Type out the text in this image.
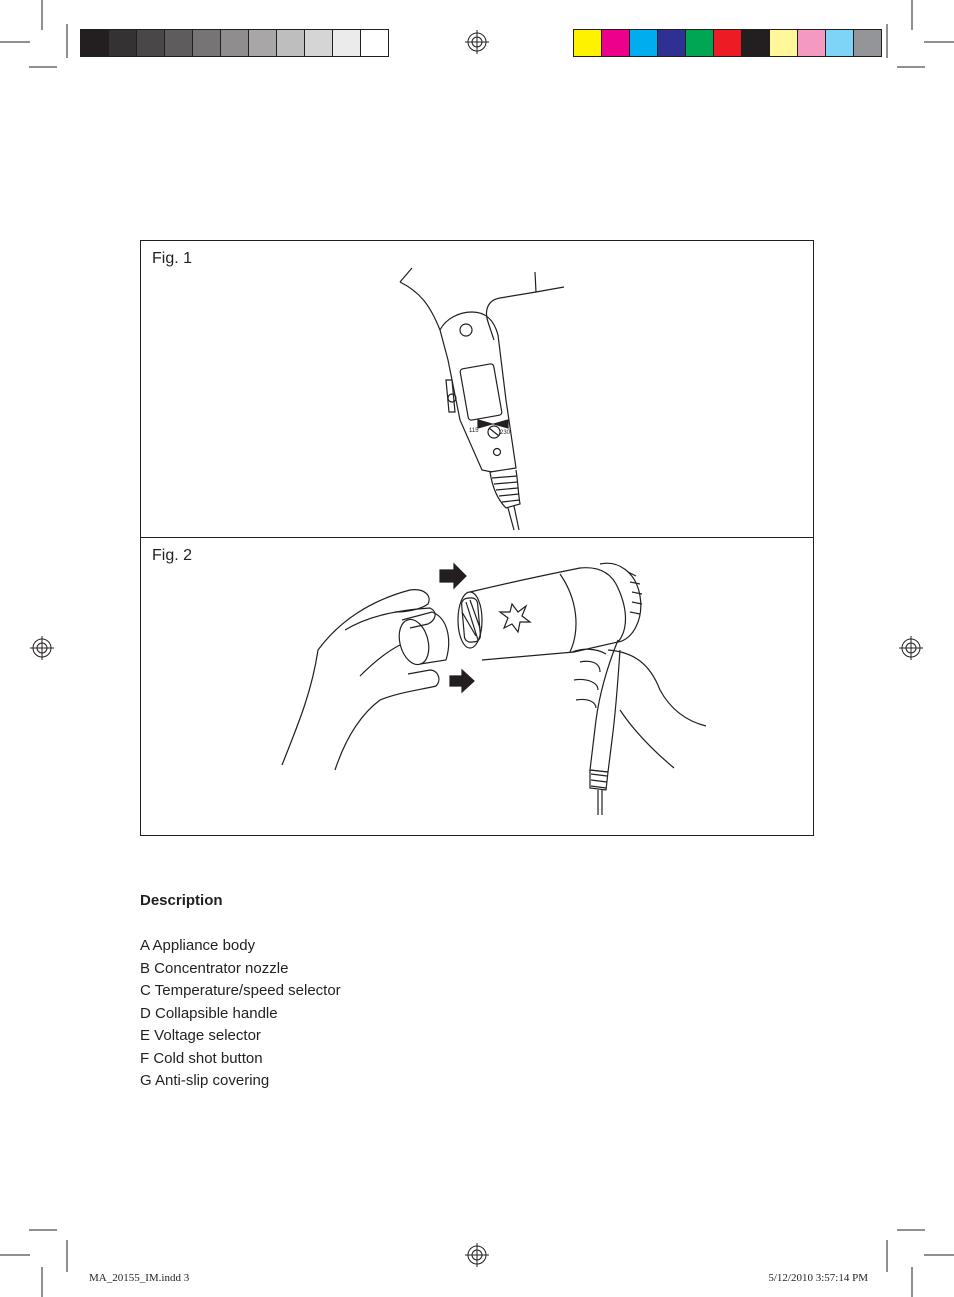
Fig. 1
Fig. 2
115	230
Description
A Appliance body
B Concentrator nozzle
C Temperature/speed selector
D Collapsible handle
E Voltage selector
F Cold shot button
G Anti-slip covering
MA_20155_IM.indd 3	5/12/2010 3:57:14 PM
